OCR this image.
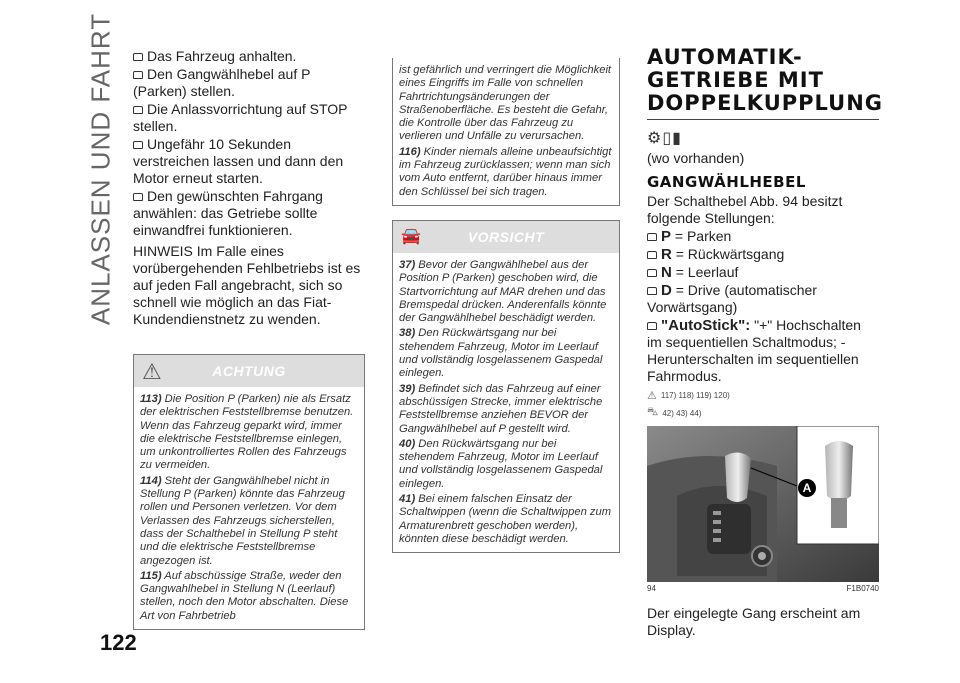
ANLASSEN UND FAHRT
122
Das Fahrzeug anhalten.
Den Gangwählhebel auf P (Parken) stellen.
Die Anlassvorrichtung auf STOP stellen.
Ungefähr 10 Sekunden verstreichen lassen und dann den Motor erneut starten.
Den gewünschten Fahrgang anwählen: das Getriebe sollte einwandfrei funktionieren.

HINWEIS Im Falle eines vorübergehenden Fehlbetriebs ist es auf jeden Fall angebracht, sich so schnell wie möglich an das Fiat-Kundendienstnetz zu wenden.

⚠	ACHTUNG

113) Die Position P (Parken) nie als Ersatz der elektrischen Feststellbremse benutzen. Wenn das Fahrzeug geparkt wird, immer die elektrische Feststellbremse einlegen, um unkontrolliertes Rollen des Fahrzeugs zu vermeiden.

114) Steht der Gangwählhebel nicht in Stellung P (Parken) könnte das Fahrzeug rollen und Personen verletzen. Vor dem Verlassen des Fahrzeugs sicherstellen, dass der Schalthebel in Stellung P steht und die elektrische Feststellbremse angezogen ist.

115) Auf abschüssige Straße, weder den Gangwahlhebel in Stellung N (Leerlauf) stellen, noch den Motor abschalten. Diese Art von Fahrbetrieb

ist gefährlich und verringert die Möglichkeit eines Eingriffs im Falle von schnellen Fahrtrichtungsänderungen der Straßenoberfläche. Es besteht die Gefahr, die Kontrolle über das Fahrzeug zu verlieren und Unfälle zu verursachen.

116) Kinder niemals alleine unbeaufsichtigt im Fahrzeug zurücklassen; wenn man sich vom Auto entfernt, darüber hinaus immer den Schlüssel bei sich tragen.

🚘	VORSICHT

37) Bevor der Gangwählhebel aus der Position P (Parken) geschoben wird, die Startvorrichtung auf MAR drehen und das Bremspedal drücken. Anderenfalls könnte der Gangwählhebel beschädigt werden.

38) Den Rückwärtsgang nur bei stehendem Fahrzeug, Motor im Leerlauf und vollständig losgelassenem Gaspedal einlegen.

39) Befindet sich das Fahrzeug auf einer abschüssigen Strecke, immer elektrische Feststellbremse anziehen BEVOR der Gangwählhebel auf P gestellt wird.

40) Den Rückwärtsgang nur bei stehendem Fahrzeug, Motor im Leerlauf und vollständig losgelassenem Gaspedal einlegen.

41) Bei einem falschen Einsatz der Schaltwippen (wenn die Schaltwippen zum Armaturenbrett geschoben werden), könnten diese beschädigt werden.

AUTOMATIK-

GETRIEBE MIT

DOPPELKUPPLUNG

⚙︎▯▮

(wo vorhanden)

GANGWÄHLHEBEL

Der Schalthebel Abb. 94 besitzt folgende Stellungen:

P = Parken

R = Rückwärtsgang

N = Leerlauf

D = Drive (automatischer Vorwärtsgang)

"AutoStick": "+" Hochschalten im sequentiellen Schaltmodus; - Herunterschalten im sequentiellen Fahrmodus.

⚠ 117) 118) 119) 120)
⛍ 42) 43) 44)
A
94	F1B0740

Der eingelegte Gang erscheint am Display.
